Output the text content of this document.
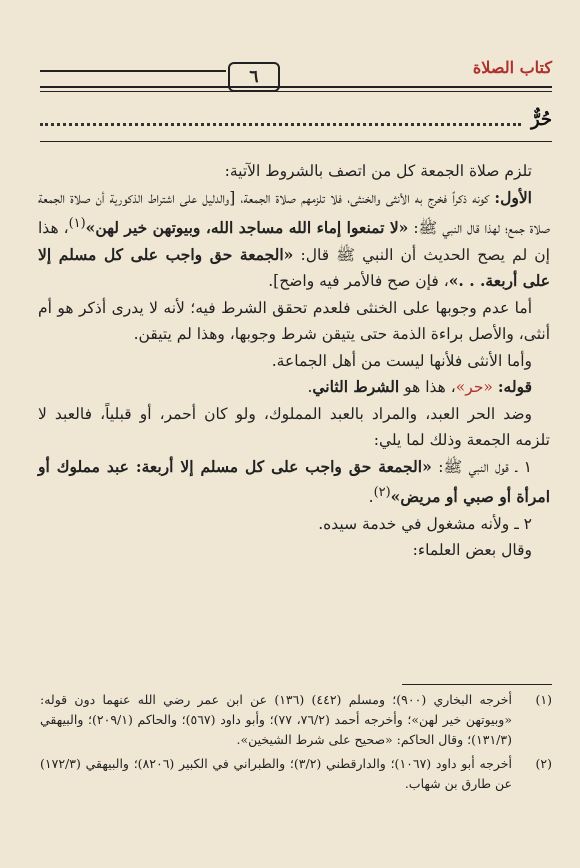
كتاب الصلاة
٦
حُرٌّ

تلزم صلاة الجمعة كل من اتصف بالشروط الآتية:

الأول: كونه ذكراً فخرج به الأنثى والخنثى، فلا تلزمهم صلاة الجمعة، [والدليل على اشتراط الذكورية أن صلاة الجمعة صلاة جمع؛ لهذا قال النبي ﷺ: «لا تمنعوا إماء الله مساجد الله، وبيوتهن خير لهن»$^{(١)}$، هذا إن لم يصح الحديث أن النبي ﷺ قال: «الجمعة حق واجب على كل مسلم إلا على أربعة. . .»، فإن صح فالأمر فيه واضح].

أما عدم وجوبها على الخنثى فلعدم تحقق الشرط فيه؛ لأنه لا يدرى أذكر هو أم أنثى، والأصل براءة الذمة حتى يتيقن شرط وجوبها، وهذا لم يتيقن.

وأما الأنثى فلأنها ليست من أهل الجماعة.

قوله: «حر»، هذا هو الشرط الثاني.

وضد الحر العبد، والمراد بالعبد المملوك، ولو كان أحمر، أو قبلياً، فالعبد لا تلزمه الجمعة وذلك لما يلي:

١ ـ قول النبي ﷺ: «الجمعة حق واجب على كل مسلم إلا أربعة: عبد مملوك أو امرأة أو صبي أو مريض»$^{(٢)}$.

٢ ـ ولأنه مشغول في خدمة سيده.

وقال بعض العلماء:

(١)
أخرجه البخاري (٩٠٠)؛ ومسلم (٤٤٢) (١٣٦) عن ابن عمر رضي الله عنهما دون قوله: «وبيوتهن خير لهن»؛ وأخرجه أحمد (٧٦/٢، ٧٧)؛ وأبو داود (٥٦٧)؛ والحاكم (٢٠٩/١)؛ والبيهقي (١٣١/٣)؛ وقال الحاكم: «صحيح على شرط الشيخين».
(٢)
أخرجه أبو داود (١٠٦٧)؛ والدارقطني (٣/٢)؛ والطبراني في الكبير (٨٢٠٦)؛ والبيهقي (١٧٢/٣) عن طارق بن شهاب.
